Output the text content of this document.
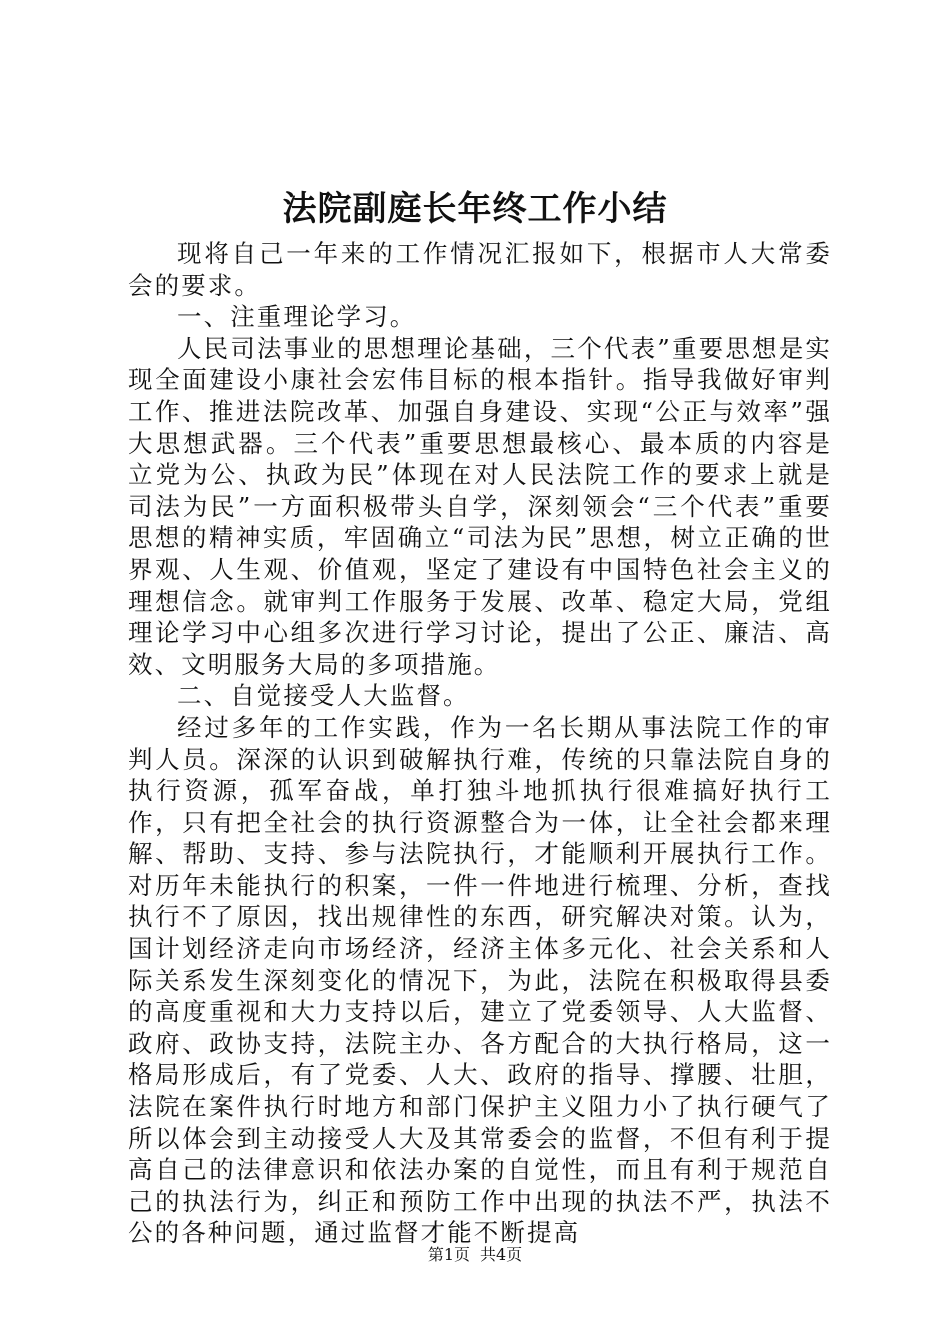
法院副庭长年终工作小结

现将自己一年来的工作情况汇报如下，根据市人大常委会的要求。

一、注重理论学习。

人民司法事业的思想理论基础，三个代表”重要思想是实现全面建设小康社会宏伟目标的根本指针。指导我做好审判工作、推进法院改革、加强自身建设、实现“公正与效率”强大思想武器。三个代表”重要思想最核心、最本质的内容是立党为公、执政为民”体现在对人民法院工作的要求上就是司法为民”一方面积极带头自学，深刻领会“三个代表”重要思想的精神实质，牢固确立“司法为民”思想，树立正确的世界观、人生观、价值观，坚定了建设有中国特色社会主义的理想信念。就审判工作服务于发展、改革、稳定大局，党组理论学习中心组多次进行学习讨论，提出了公正、廉洁、高效、文明服务大局的多项措施。

二、自觉接受人大监督。

经过多年的工作实践，作为一名长期从事法院工作的审判人员。深深的认识到破解执行难，传统的只靠法院自身的执行资源，孤军奋战，单打独斗地抓执行很难搞好执行工作，只有把全社会的执行资源整合为一体，让全社会都来理解、帮助、支持、参与法院执行，才能顺利开展执行工作。对历年未能执行的积案，一件一件地进行梳理、分析，查找执行不了原因，找出规律性的东西，研究解决对策。认为，国计划经济走向市场经济，经济主体多元化、社会关系和人际关系发生深刻变化的情况下，为此，法院在积极取得县委的高度重视和大力支持以后，建立了党委领导、人大监督、政府、政协支持，法院主办、各方配合的大执行格局，这一格局形成后，有了党委、人大、政府的指导、撑腰、壮胆，法院在案件执行时地方和部门保护主义阻力小了执行硬气了所以体会到主动接受人大及其常委会的监督，不但有利于提高自己的法律意识和依法办案的自觉性，而且有利于规范自己的执法行为，纠正和预防工作中出现的执法不严，执法不公的各种问题，通过监督才能不断提高

第1页 共4页
